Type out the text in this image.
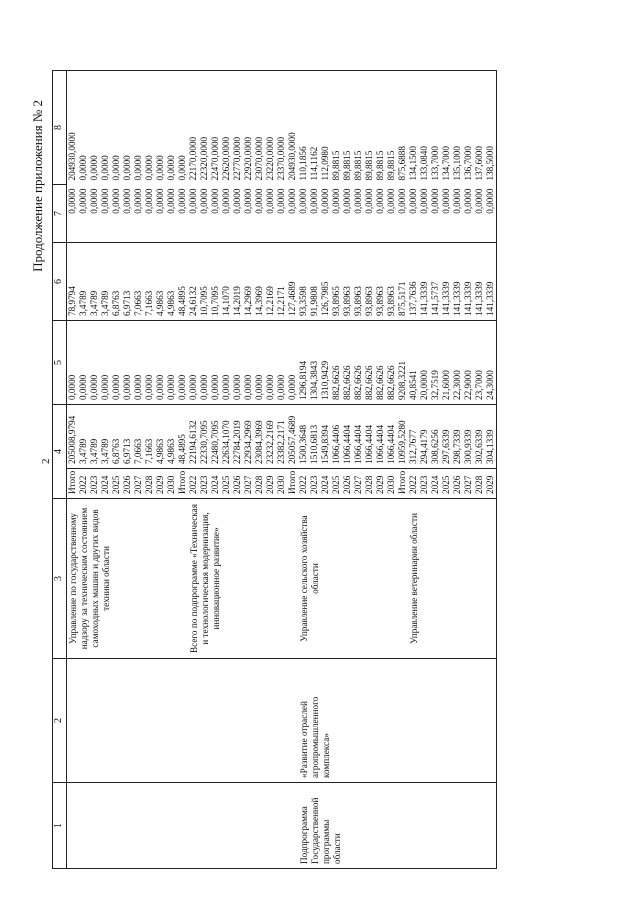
Продолжение приложения № 2
2
1	2	3	4		5	6	7	8
		Управление по государственному надзору за техническим состоянием самоходных машин и других видов техники области	Итого	205008,9794	0,0000	78,9794	0,0000	204930,0000
			2022	3,4789	0,0000	3,4789	0,0000	0,0000
			2023	3,4789	0,0000	3,4789	0,0000	0,0000
			2024	3,4789	0,0000	3,4789	0,0000	0,0000
			2025	6,8763	0,0000	6,8763	0,0000	0,0000
			2026	6,9713	0,0000	6,9713	0,0000	0,0000
			2027	7,0663	0,0000	7,0663	0,0000	0,0000
			2028	7,1663	0,0000	7,1663	0,0000	0,0000
			2029	4,9863	0,0000	4,9863	0,0000	0,0000
			2030	4,9863	0,0000	4,9863	0,0000	0,0000
			Итого	48,4895	0,0000	48,4895	0,0000	0,0000
		Всего по подпрограмме «Техническая и технологическая модернизация, инновационное развитие»	2022	22194,6132	0,0000	24,6132	0,0000	22170,0000
			2023	22330,7095	0,0000	10,7095	0,0000	22320,0000
			2024	22480,7095	0,0000	10,7095	0,0000	22470,0000
			2025	22634,1070	0,0000	14,1070	0,0000	22620,0000
			2026	22784,2019	0,0000	14,2019	0,0000	22770,0000
			2027	22934,2969	0,0000	14,2969	0,0000	22920,0000
			2028	23084,3969	0,0000	14,3969	0,0000	23070,0000
			2029	23232,2169	0,0000	12,2169	0,0000	23220,0000
			2030	23382,2171	0,0000	12,2171	0,0000	23370,0000
			Итого	205057,4689	0,0000	127,4689	0,0000	204930,0000
Подпрограмма Государственной программы области	«Развитие отраслей агропромышленного комплекса»	Управление сельского хозяйства области	2022	1500,3648	1296,8194	93,3598	0,0000	110,1856
			2023	1510,6813	1304,3843	91,9808	0,0000	114,1162
			2024	1549,8394	1310,9429	126,7985	0,0000	112,0980
			2025	1066,4406	882,6626	93,8965	0,0000	89,8815
			2026	1066,4404	882,6626	93,8963	0,0000	89,8815
			2027	1066,4404	882,6626	93,8963	0,0000	89,8815
			2028	1066,4404	882,6626	93,8963	0,0000	89,8815
			2029	1066,4404	882,6626	93,8963	0,0000	89,8815
			2030	1066,4404	882,6626	93,8963	0,0000	89,8815
			Итого	10959,5280	9208,3221	875,5171	0,0000	875,6888
		Управление ветеринарии области	2022	312,7677	40,8541	137,7636	0,0000	134,1500
			2023	294,4179	20,0000	141,3339	0,0000	133,0840
			2024	308,6256	32,7519	141,5737	0,0000	133,7000
			2025	297,6339	21,6000	141,3339	0,0000	134,7000
			2026	298,7339	22,3000	141,3339	0,0000	135,1000
			2027	300,9339	22,9000	141,3339	0,0000	136,7000
			2028	302,6339	23,7000	141,3339	0,0000	137,6000
			2029	304,1339	24,3000	141,3339	0,0000	138,5000
